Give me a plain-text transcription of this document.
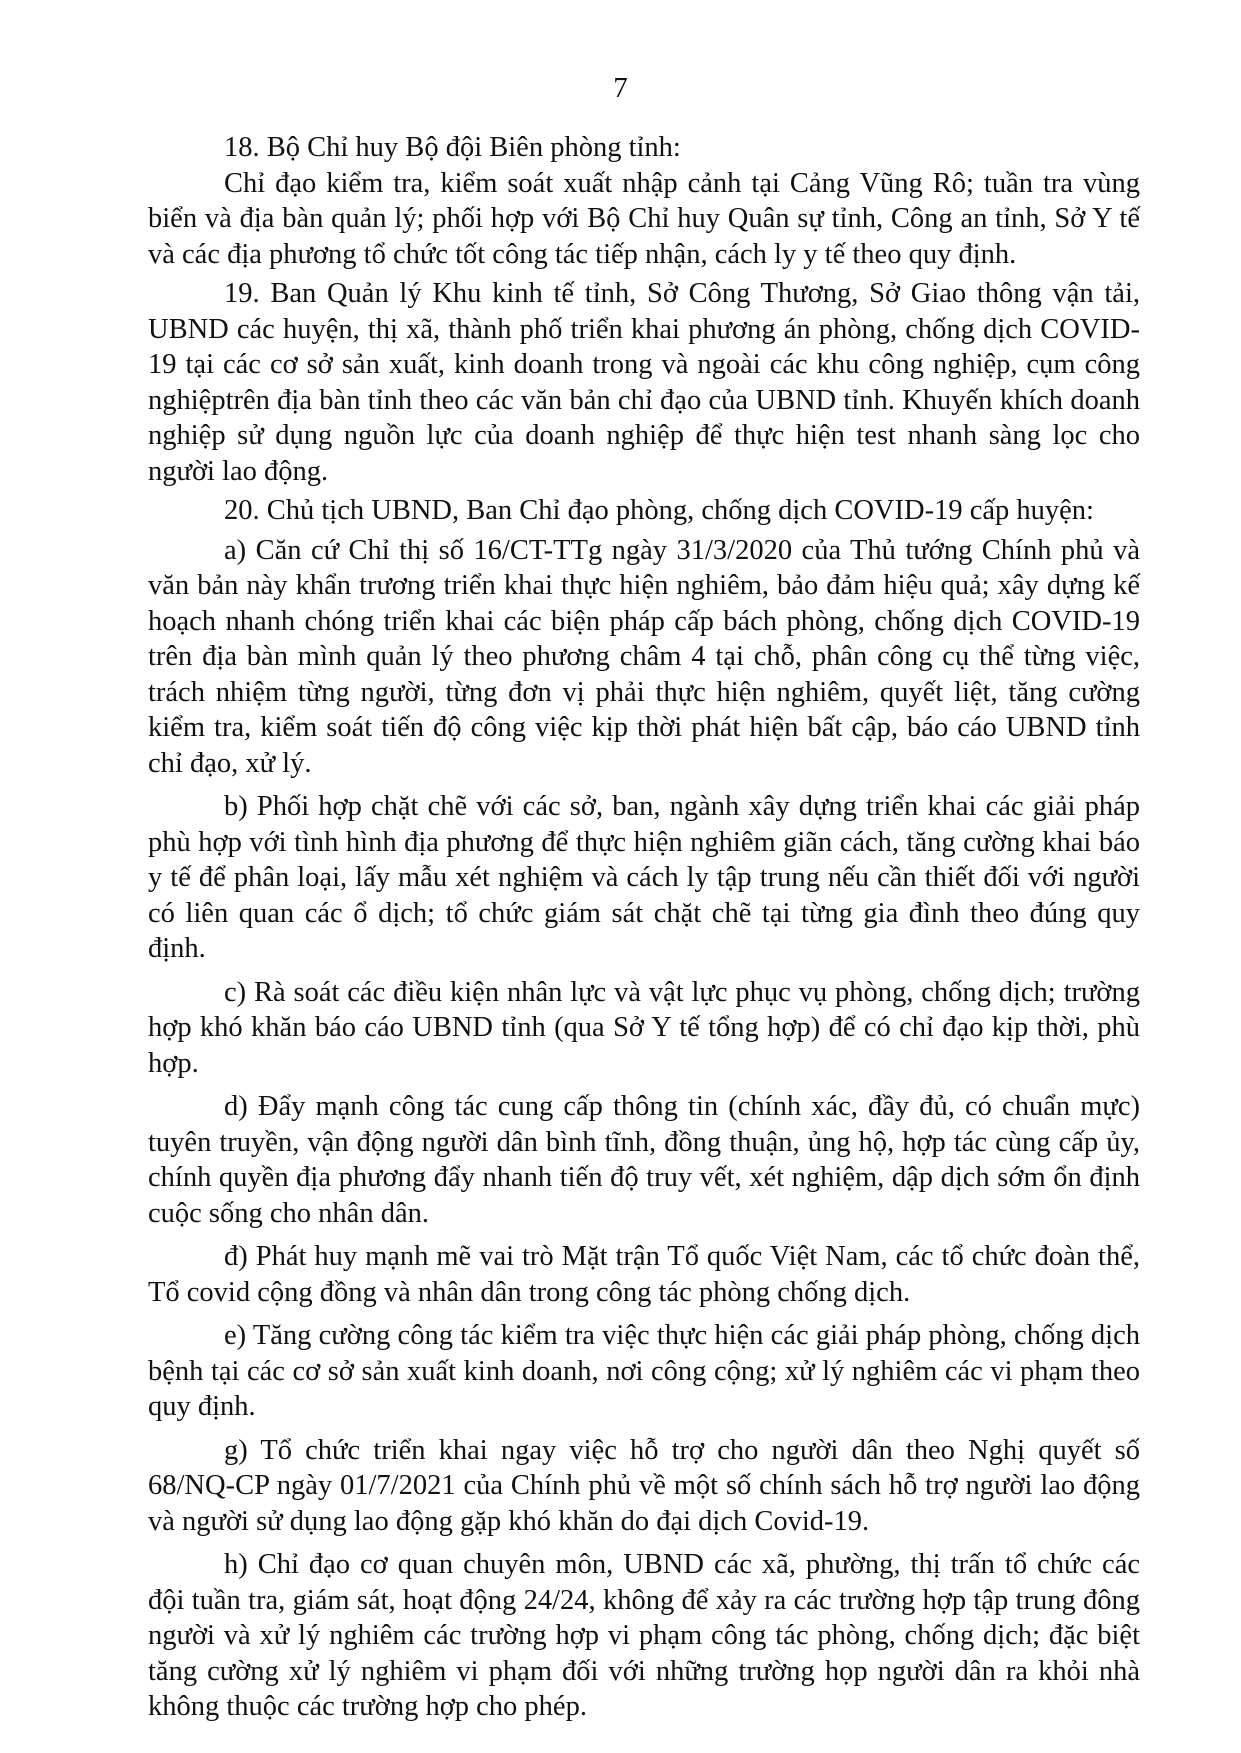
7

18. Bộ Chỉ huy Bộ đội Biên phòng tỉnh:

Chỉ đạo kiểm tra, kiểm soát xuất nhập cảnh tại Cảng Vũng Rô; tuần tra vùng biển và địa bàn quản lý; phối hợp với Bộ Chỉ huy Quân sự tỉnh, Công an tỉnh, Sở Y tế và các địa phương tổ chức tốt công tác tiếp nhận, cách ly y tế theo quy định.

19. Ban Quản lý Khu kinh tế tỉnh, Sở Công Thương, Sở Giao thông vận tải, UBND các huyện, thị xã, thành phố triển khai phương án phòng, chống dịch COVID-19 tại các cơ sở sản xuất, kinh doanh trong và ngoài các khu công nghiệp, cụm công nghiệptrên địa bàn tỉnh theo các văn bản chỉ đạo của UBND tỉnh. Khuyến khích doanh nghiệp sử dụng nguồn lực của doanh nghiệp để thực hiện test nhanh sàng lọc cho người lao động.

20. Chủ tịch UBND, Ban Chỉ đạo phòng, chống dịch COVID-19 cấp huyện:

a) Căn cứ Chỉ thị số 16/CT-TTg ngày 31/3/2020 của Thủ tướng Chính phủ và văn bản này khẩn trương triển khai thực hiện nghiêm, bảo đảm hiệu quả; xây dựng kế hoạch nhanh chóng triển khai các biện pháp cấp bách phòng, chống dịch COVID-19 trên địa bàn mình quản lý theo phương châm 4 tại chỗ, phân công cụ thể từng việc, trách nhiệm từng người, từng đơn vị phải thực hiện nghiêm, quyết liệt, tăng cường kiểm tra, kiểm soát tiến độ công việc kịp thời phát hiện bất cập, báo cáo UBND tỉnh chỉ đạo, xử lý.

b) Phối hợp chặt chẽ với các sở, ban, ngành xây dựng triển khai các giải pháp phù hợp với tình hình địa phương để thực hiện nghiêm giãn cách, tăng cường khai báo y tế để phân loại, lấy mẫu xét nghiệm và cách ly tập trung nếu cần thiết đối với người có liên quan các ổ dịch; tổ chức giám sát chặt chẽ tại từng gia đình theo đúng quy định.

c) Rà soát các điều kiện nhân lực và vật lực phục vụ phòng, chống dịch; trường hợp khó khăn báo cáo UBND tỉnh (qua Sở Y tế tổng hợp) để có chỉ đạo kịp thời, phù hợp.

d) Đẩy mạnh công tác cung cấp thông tin (chính xác, đầy đủ, có chuẩn mực) tuyên truyền, vận động người dân bình tĩnh, đồng thuận, ủng hộ, hợp tác cùng cấp ủy, chính quyền địa phương đẩy nhanh tiến độ truy vết, xét nghiệm, dập dịch sớm ổn định cuộc sống cho nhân dân.

đ) Phát huy mạnh mẽ vai trò Mặt trận Tổ quốc Việt Nam, các tổ chức đoàn thể, Tổ covid cộng đồng và nhân dân trong công tác phòng chống dịch.

e) Tăng cường công tác kiểm tra việc thực hiện các giải pháp phòng, chống dịch bệnh tại các cơ sở sản xuất kinh doanh, nơi công cộng; xử lý nghiêm các vi phạm theo quy định.

g) Tổ chức triển khai ngay việc hỗ trợ cho người dân theo Nghị quyết số 68/NQ-CP ngày 01/7/2021 của Chính phủ về một số chính sách hỗ trợ người lao động và người sử dụng lao động gặp khó khăn do đại dịch Covid-19.

h) Chỉ đạo cơ quan chuyên môn, UBND các xã, phường, thị trấn tổ chức các đội tuần tra, giám sát, hoạt động 24/24, không để xảy ra các trường hợp tập trung đông người và xử lý nghiêm các trường hợp vi phạm công tác phòng, chống dịch; đặc biệt tăng cường xử lý nghiêm vi phạm đối với những trường họp người dân ra khỏi nhà không thuộc các trường hợp cho phép.
